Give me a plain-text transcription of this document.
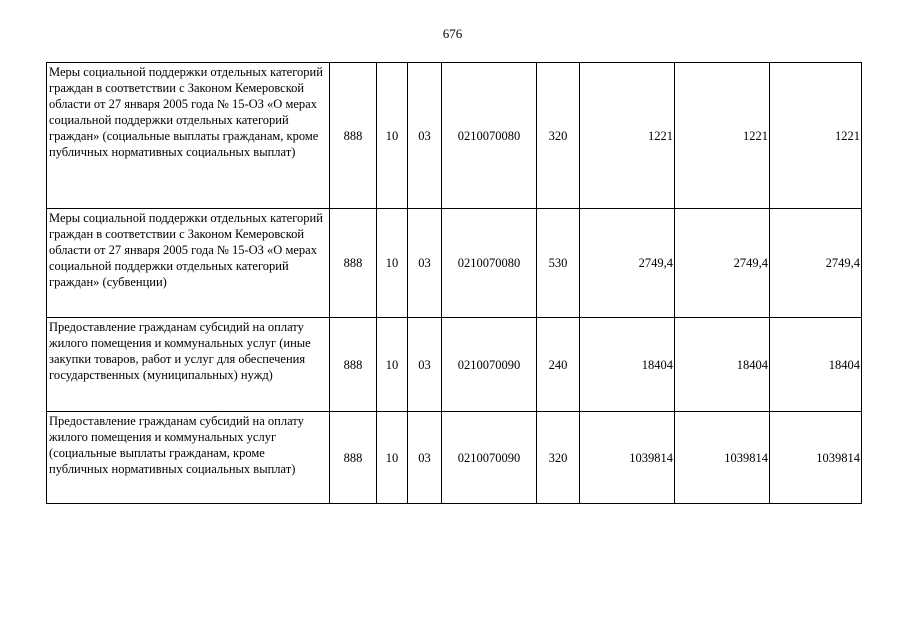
676
Меры социальной поддержки отдельных категорий граждан в соответствии с Законом Кемеровской области от 27 января 2005 года № 15-ОЗ «О мерах социальной поддержки отдельных категорий граждан» (социальные выплаты гражданам, кроме публичных нормативных социальных выплат)	888	10	03	0210070080	320	1221	1221	1221
Меры социальной поддержки отдельных категорий граждан в соответствии с Законом Кемеровской области от 27 января 2005 года № 15-ОЗ «О мерах социальной поддержки отдельных категорий граждан» (субвенции)	888	10	03	0210070080	530	2749,4	2749,4	2749,4
Предоставление гражданам субсидий на оплату жилого помещения и коммунальных услуг (иные закупки товаров, работ и услуг для обеспечения государственных (муниципальных) нужд)	888	10	03	0210070090	240	18404	18404	18404
Предоставление гражданам субсидий на оплату жилого помещения и коммунальных услуг (социальные выплаты гражданам, кроме публичных нормативных социальных выплат)	888	10	03	0210070090	320	1039814	1039814	1039814
